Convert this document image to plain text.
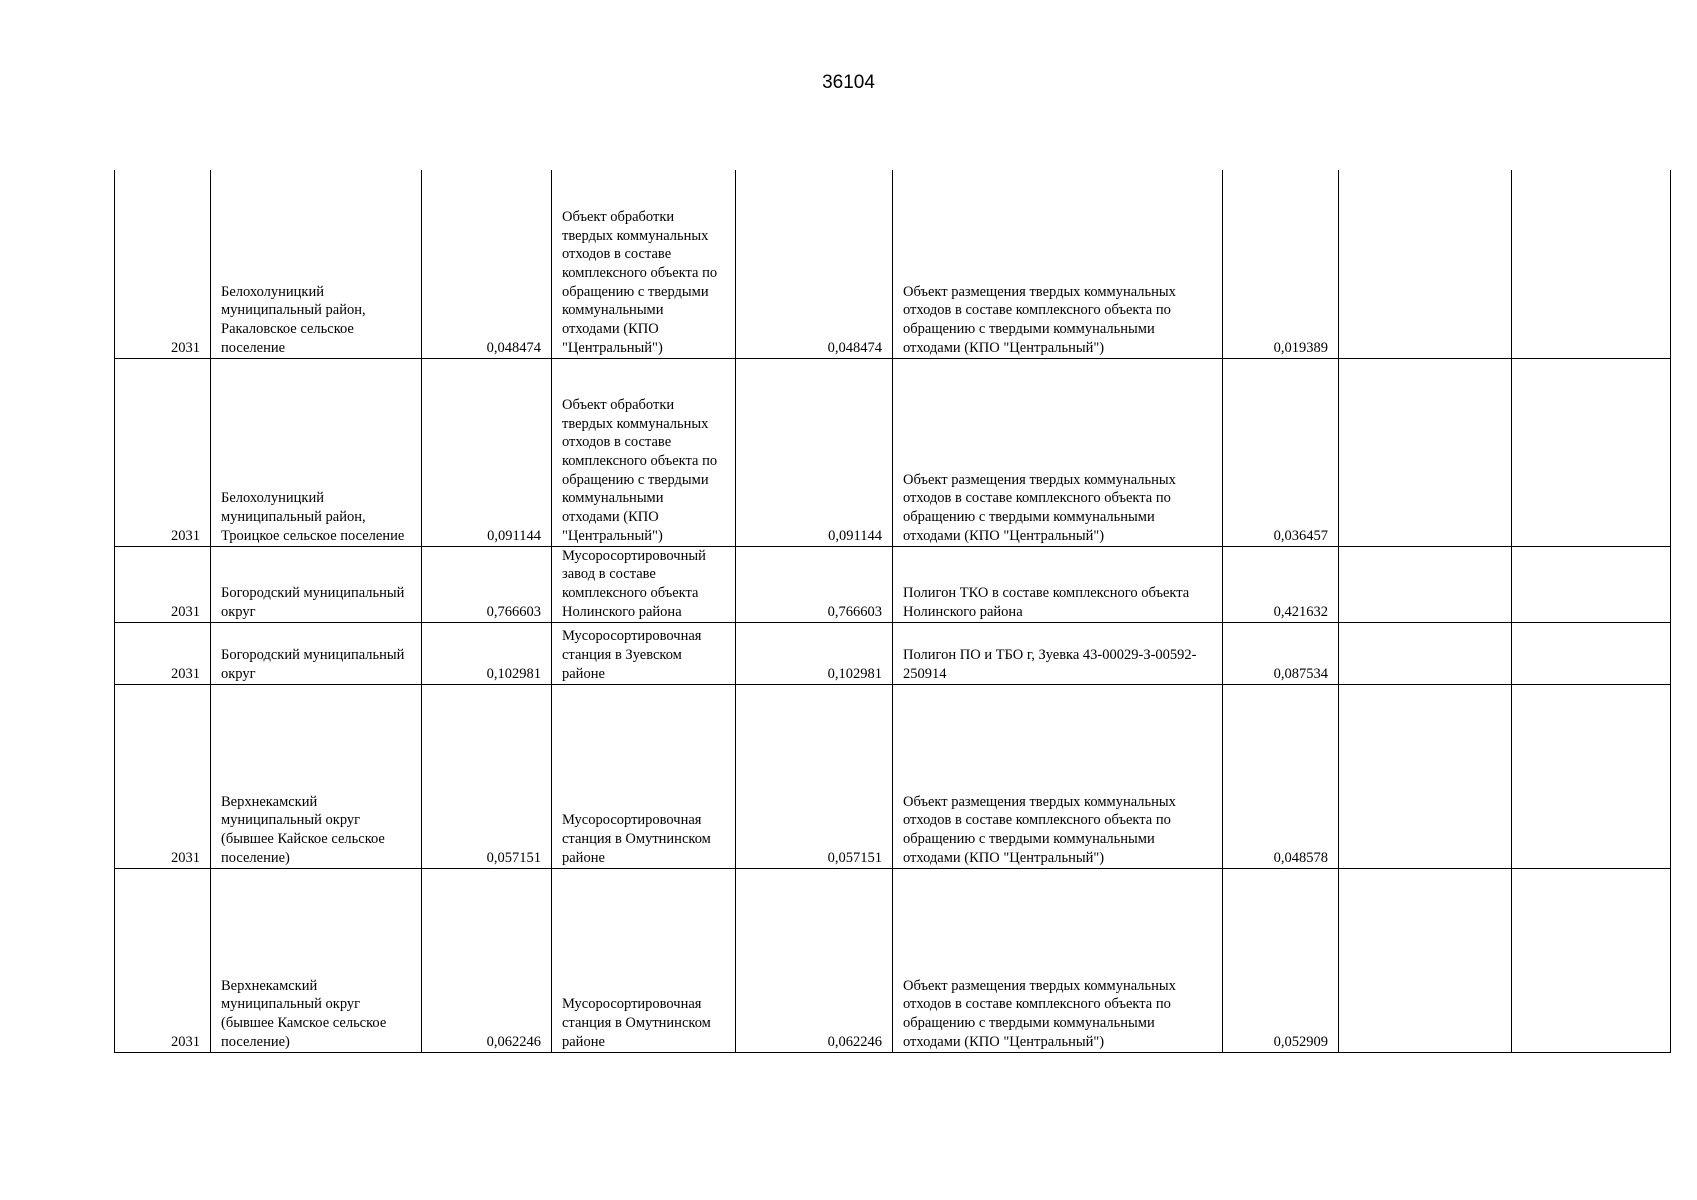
36104
2031	Белохолуницкий муниципальный район, Ракаловское сельское поселение	0,048474	Объект обработки твердых коммунальных отходов в составе комплексного объекта по обращению с твердыми коммунальными отходами (КПО "Центральный")	0,048474	Объект размещения твердых коммунальных отходов в составе комплексного объекта по обращению с твердыми коммунальными отходами (КПО "Центральный")	0,019389		
2031	Белохолуницкий муниципальный район, Троицкое сельское поселение	0,091144	Объект обработки твердых коммунальных отходов в составе комплексного объекта по обращению с твердыми коммунальными отходами (КПО "Центральный")	0,091144	Объект размещения твердых коммунальных отходов в составе комплексного объекта по обращению с твердыми коммунальными отходами (КПО "Центральный")	0,036457		
2031	Богородский муниципальный округ	0,766603	Мусоросортировочный завод в составе комплексного объекта Нолинского района	0,766603	Полигон ТКО в составе комплексного объекта Нолинского района	0,421632		
2031	Богородский муниципальный округ	0,102981	Мусоросортировочная станция в Зуевском районе	0,102981	Полигон ПО и ТБО г, Зуевка 43-00029-З-00592-250914	0,087534		
2031	Верхнекамский муниципальный округ (бывшее Кайское сельское поселение)	0,057151	Мусоросортировочная станция в Омутнинском районе	0,057151	Объект размещения твердых коммунальных отходов в составе комплексного объекта по обращению с твердыми коммунальными отходами (КПО "Центральный")	0,048578		
2031	Верхнекамский муниципальный округ (бывшее Камское сельское поселение)	0,062246	Мусоросортировочная станция в Омутнинском районе	0,062246	Объект размещения твердых коммунальных отходов в составе комплексного объекта по обращению с твердыми коммунальными отходами (КПО "Центральный")	0,052909		
